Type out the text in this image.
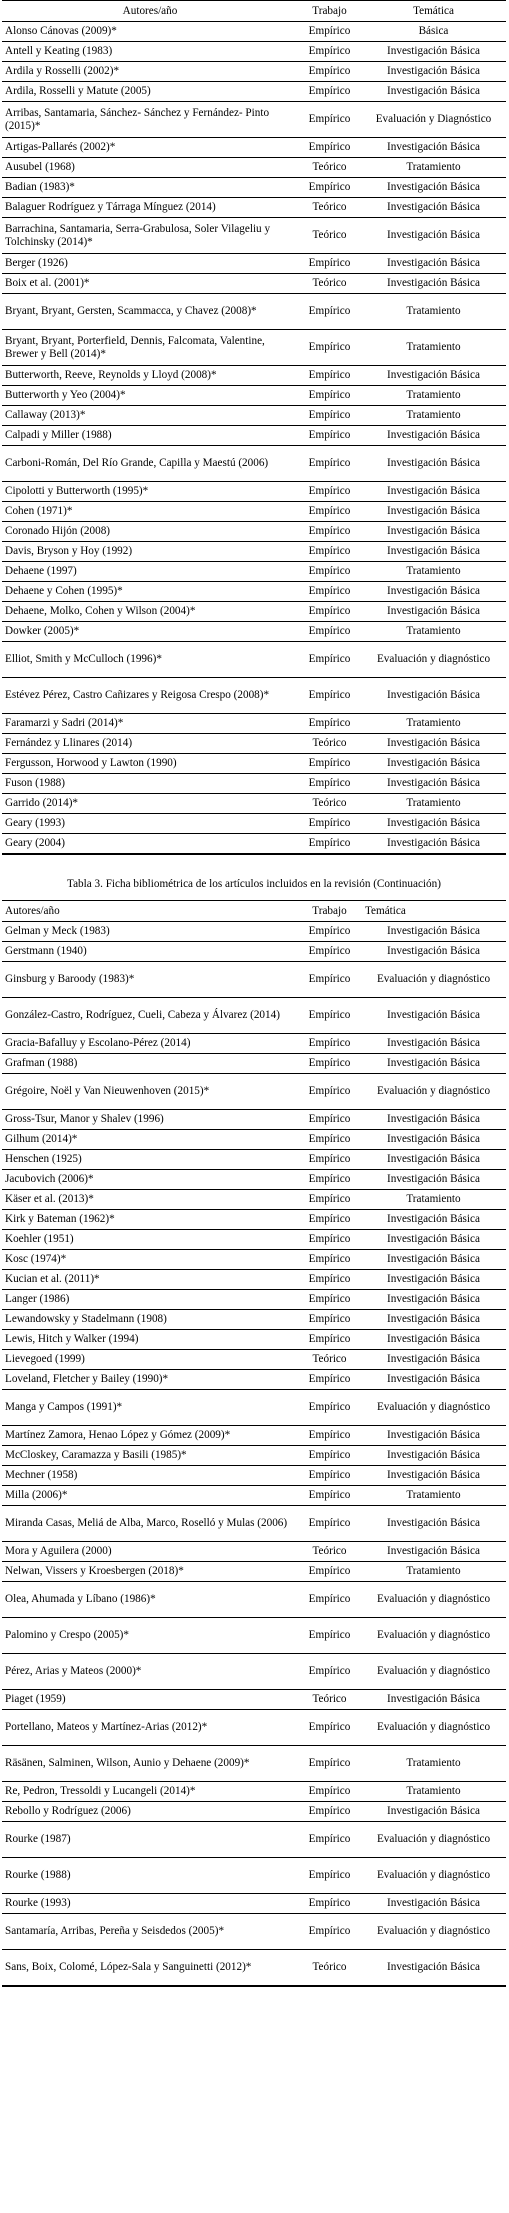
Autores/año	Trabajo	Temática
Alonso Cánovas (2009)*	Empírico	Básica
Antell y Keating (1983)	Empírico	Investigación Básica
Ardila y Rosselli (2002)*	Empírico	Investigación Básica
Ardila, Rosselli y Matute (2005)	Empírico	Investigación Básica
Arribas, Santamaria, Sánchez- Sánchez y Fernández- Pinto (2015)*	Empírico	Evaluación y Diagnóstico
Artigas-Pallarés (2002)*	Empírico	Investigación Básica
Ausubel (1968)	Teórico	Tratamiento
Badian (1983)*	Empírico	Investigación Básica
Balaguer Rodríguez y Tárraga Mínguez (2014)	Teórico	Investigación Básica
Barrachina, Santamaria, Serra-Grabulosa, Soler Vilageliu y Tolchinsky (2014)*	Teórico	Investigación Básica
Berger (1926)	Empírico	Investigación Básica
Boix et al. (2001)*	Teórico	Investigación Básica
Bryant, Bryant, Gersten, Scammacca, y Chavez (2008)*	Empírico	Tratamiento
Bryant, Bryant, Porterfield, Dennis, Falcomata, Valentine, Brewer y Bell (2014)*	Empírico	Tratamiento
Butterworth, Reeve, Reynolds y Lloyd (2008)*	Empírico	Investigación Básica
Butterworth y Yeo (2004)*	Empírico	Tratamiento
Callaway (2013)*	Empírico	Tratamiento
Calpadi y Miller (1988)	Empírico	Investigación Básica
Carboni-Román, Del Río Grande, Capilla y Maestú (2006)	Empírico	Investigación Básica
Cipolotti y Butterworth (1995)*	Empírico	Investigación Básica
Cohen (1971)*	Empírico	Investigación Básica
Coronado Hijón (2008)	Empírico	Investigación Básica
Davis, Bryson y Hoy (1992)	Empírico	Investigación Básica
Dehaene (1997)	Empírico	Tratamiento
Dehaene y Cohen (1995)*	Empírico	Investigación Básica
Dehaene, Molko, Cohen y Wilson (2004)*	Empírico	Investigación Básica
Dowker (2005)*	Empírico	Tratamiento
Elliot, Smith y McCulloch (1996)*	Empírico	Evaluación y diagnóstico
Estévez Pérez, Castro Cañizares y Reigosa Crespo (2008)*	Empírico	Investigación Básica
Faramarzi y Sadri (2014)*	Empírico	Tratamiento
Fernández y Llinares (2014)	Teórico	Investigación Básica
Fergusson, Horwood y Lawton (1990)	Empírico	Investigación Básica
Fuson (1988)	Empírico	Investigación Básica
Garrido (2014)*	Teórico	Tratamiento
Geary (1993)	Empírico	Investigación Básica
Geary (2004)	Empírico	Investigación Básica
Tabla 3. Ficha bibliométrica de los artículos incluidos en la revisión (Continuación)
Autores/año	Trabajo	Temática
Gelman y Meck (1983)	Empírico	Investigación Básica
Gerstmann (1940)	Empírico	Investigación Básica
Ginsburg y Baroody (1983)*	Empírico	Evaluación y diagnóstico
González-Castro, Rodríguez, Cueli, Cabeza y Álvarez (2014)	Empírico	Investigación Básica
Gracia-Bafalluy y Escolano-Pérez (2014)	Empírico	Investigación Básica
Grafman (1988)	Empírico	Investigación Básica
Grégoire, Noël y Van Nieuwenhoven (2015)*	Empírico	Evaluación y diagnóstico
Gross-Tsur, Manor y Shalev (1996)	Empírico	Investigación Básica
Gilhum (2014)*	Empírico	Investigación Básica
Henschen (1925)	Empírico	Investigación Básica
Jacubovich (2006)*	Empírico	Investigación Básica
Käser et al. (2013)*	Empírico	Tratamiento
Kirk y Bateman (1962)*	Empírico	Investigación Básica
Koehler (1951)	Empírico	Investigación Básica
Kosc (1974)*	Empírico	Investigación Básica
Kucian et al. (2011)*	Empírico	Investigación Básica
Langer (1986)	Empírico	Investigación Básica
Lewandowsky y Stadelmann (1908)	Empírico	Investigación Básica
Lewis, Hitch y Walker (1994)	Empírico	Investigación Básica
Lievegoed (1999)	Teórico	Investigación Básica
Loveland, Fletcher y Bailey (1990)*	Empírico	Investigación Básica
Manga y Campos (1991)*	Empírico	Evaluación y diagnóstico
Martínez Zamora, Henao López y Gómez (2009)*	Empírico	Investigación Básica
McCloskey, Caramazza y Basili (1985)*	Empírico	Investigación Básica
Mechner (1958)	Empírico	Investigación Básica
Milla (2006)*	Empírico	Tratamiento
Miranda Casas, Meliá de Alba, Marco, Roselló y Mulas (2006)	Empírico	Investigación Básica
Mora y Aguilera (2000)	Teórico	Investigación Básica
Nelwan, Vissers y Kroesbergen (2018)*	Empírico	Tratamiento
Olea, Ahumada y Líbano (1986)*	Empírico	Evaluación y diagnóstico
Palomino y Crespo (2005)*	Empírico	Evaluación y diagnóstico
Pérez, Arias y Mateos (2000)*	Empírico	Evaluación y diagnóstico
Piaget (1959)	Teórico	Investigación Básica
Portellano, Mateos y Martínez-Arias (2012)*	Empírico	Evaluación y diagnóstico
Räsänen, Salminen, Wilson, Aunio y Dehaene (2009)*	Empírico	Tratamiento
Re, Pedron, Tressoldi y Lucangeli (2014)*	Empírico	Tratamiento
Rebollo y Rodríguez (2006)	Empírico	Investigación Básica
Rourke (1987)	Empírico	Evaluación y diagnóstico
Rourke (1988)	Empírico	Evaluación y diagnóstico
Rourke (1993)	Empírico	Investigación Básica
Santamaría, Arribas, Pereña y Seisdedos (2005)*	Empírico	Evaluación y diagnóstico
Sans, Boix, Colomé, López-Sala y Sanguinetti (2012)*	Teórico	Investigación Básica
